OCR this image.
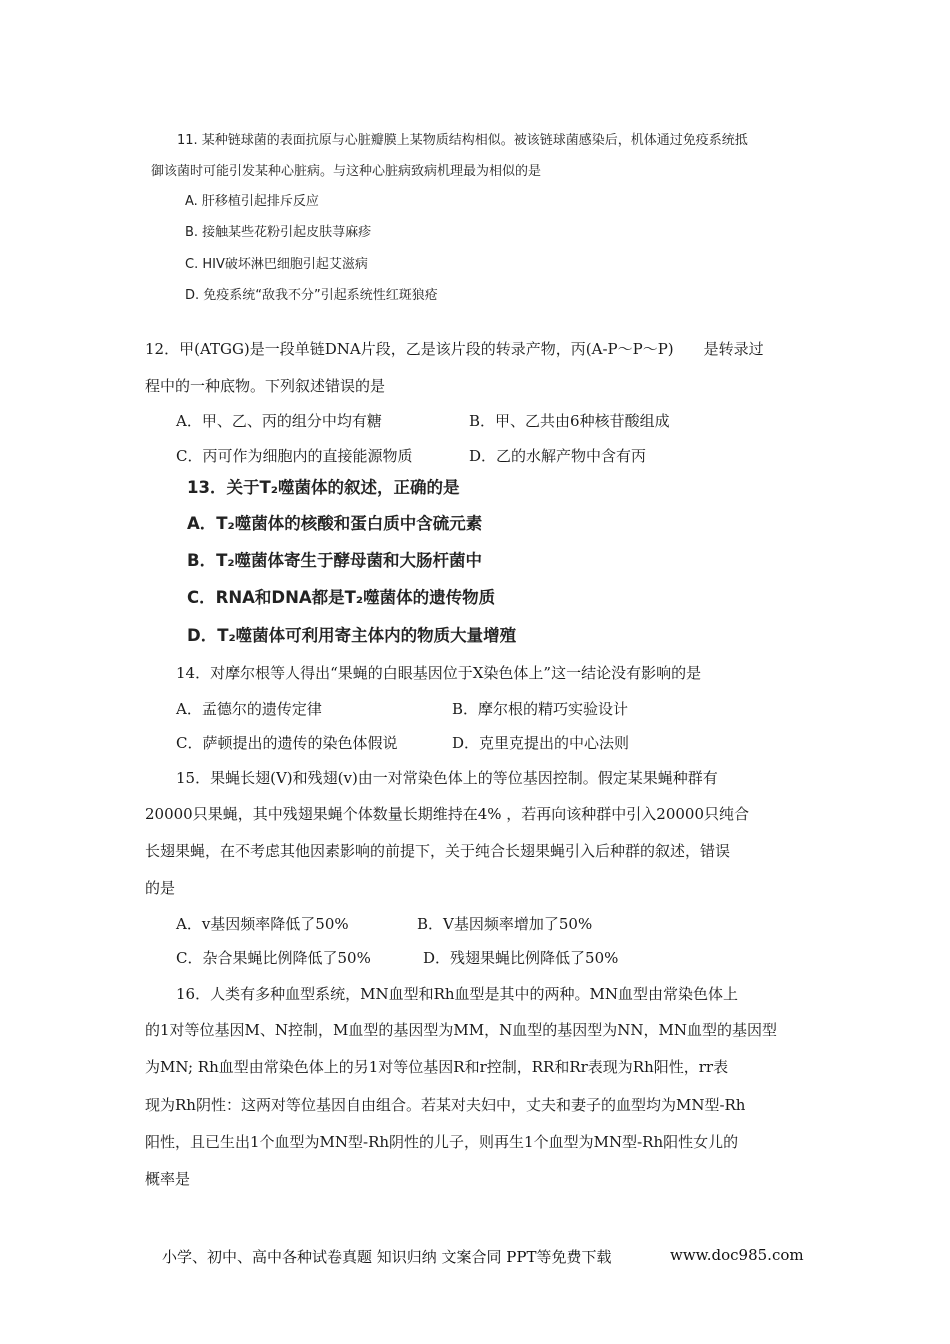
11. 某种链球菌的表面抗原与心脏瓣膜上某物质结构相似。被该链球菌感染后，机体通过免疫系统抵
御该菌时可能引发某种心脏病。与这种心脏病致病机理最为相似的是
A. 肝移植引起排斥反应
B. 接触某些花粉引起皮肤荨麻疹
C. HIV破坏淋巴细胞引起艾滋病
D. 免疫系统“敌我不分”引起系统性红斑狼疮
12．甲(ATGG)是一段单链DNA片段，乙是该片段的转录产物，丙(A-P～P～P)　　是转录过
程中的一种底物。下列叙述错误的是
A．甲、乙、丙的组分中均有糖	B．甲、乙共由6种核苷酸组成
C．丙可作为细胞内的直接能源物质	D．乙的水解产物中含有丙
13．关于T₂噬菌体的叙述，正确的是
A．T₂噬菌体的核酸和蛋白质中含硫元素
B．T₂噬菌体寄生于酵母菌和大肠杆菌中
C．RNA和DNA都是T₂噬菌体的遗传物质
D．T₂噬菌体可利用寄主体内的物质大量增殖
14．对摩尔根等人得出“果蝇的白眼基因位于X染色体上”这一结论没有影响的是
A．孟德尔的遗传定律	B．摩尔根的精巧实验设计
C．萨顿提出的遗传的染色体假说	D．克里克提出的中心法则
15．果蝇长翅(V)和残翅(v)由一对常染色体上的等位基因控制。假定某果蝇种群有
20000只果蝇，其中残翅果蝇个体数量长期维持在4% ，若再向该种群中引入20000只纯合
长翅果蝇，在不考虑其他因素影响的前提下，关于纯合长翅果蝇引入后种群的叙述，错误
的是
A．v基因频率降低了50%	B．V基因频率增加了50%
C．杂合果蝇比例降低了50%	D．残翅果蝇比例降低了50%
16．人类有多种血型系统，MN血型和Rh血型是其中的两种。MN血型由常染色体上
的1对等位基因M、N控制，M血型的基因型为MM，N血型的基因型为NN，MN血型的基因型
为MN; Rh血型由常染色体上的另1对等位基因R和r控制，RR和Rr表现为Rh阳性，rr表
现为Rh阴性：这两对等位基因自由组合。若某对夫妇中，丈夫和妻子的血型均为MN型-Rh
阳性，且已生出1个血型为MN型-Rh阴性的儿子，则再生1个血型为MN型-Rh阳性女儿的
概率是
小学、初中、高中各种试卷真题 知识归纳 文案合同 PPT等免费下载	www.doc985.com
